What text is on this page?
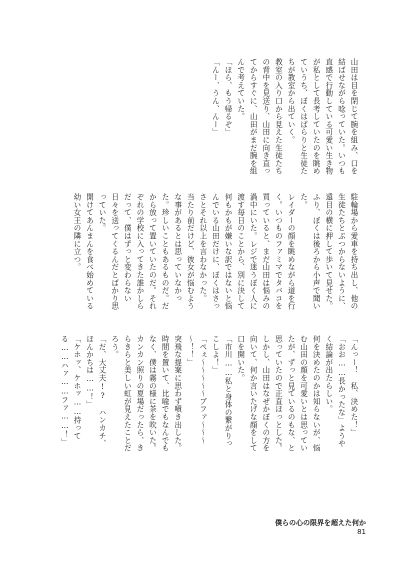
山田は目を閉じて腕を組み、口を結ばせながら唸っていた。いつも直感で行動している可愛い生き物が私として長考していたのを眺めていうち、ぼくはぱらりと生徒たちが教室から出ていく。

教室の入り口から見えた生徒たちの背中を見送り、山田に向き直ってからすぐに、山田がまだ腕を組んで考えていた。

「ほら、もう帰るぞ」

「んー、うん、んー」

駐輪場から愛車を持ち出し、他の生徒たちとぶつからないように、遠目の横に押して歩いて見せた。ふり、ぼくは後ろから小声で聞いた。

レイダーの顔を眺めながら道を行く。いつものファミマでタバコを買っていると、まだ山田は悩みの渦中にいた。レジで迷うぼく人に渡す毎日のことから、別に決して何もかもが嫌いな訳ではないと悩んでいる山田だけに、ぼくはさっさとそれ以上を言わなかった。

当たり前だけど、彼女が悩むような事があるとは思っていなかった。珍しいこともあるものだ。だから放って置いていたのだ。それぞれの学校に入ってきた誰かしらだって、僕はずっと変わらない日々を送ってくるんだとばかり思っていた。

開けてあんまんを食べ始めている幼い女王の隣に立つ。

「んっー！　私、決めた！」

「おお……長かったな」ようやく結論が出たらしい。

何を決めたのかは知らないが、悩む山田の顔を可愛いとは思っていたが、ずっと見ているのもな、と思っていたので正直ほっとした。

しかし、山田はなぜかぼくの方を向いて、何か言いたげな顔をして口を開いた。

「市川……私と身体の繋がりっこしよ！」

「ぺぇ～～～～～ブファ～～～～！！」

突飛な提案に思わず噴き出した。時間を置いて、比喩でもなんでもなく、僕は霧の様に茶を吹いた。カンカン照りの夏場だったら、きらきらと美しい虹が見えたことだろう。

「だ、大丈夫!?　ハンカチ、ほんかちは……！」

「ケホッ、ケホッ……持ってる……ハァ……ファ……！」

僕らの心の限界を超えた何か
81
